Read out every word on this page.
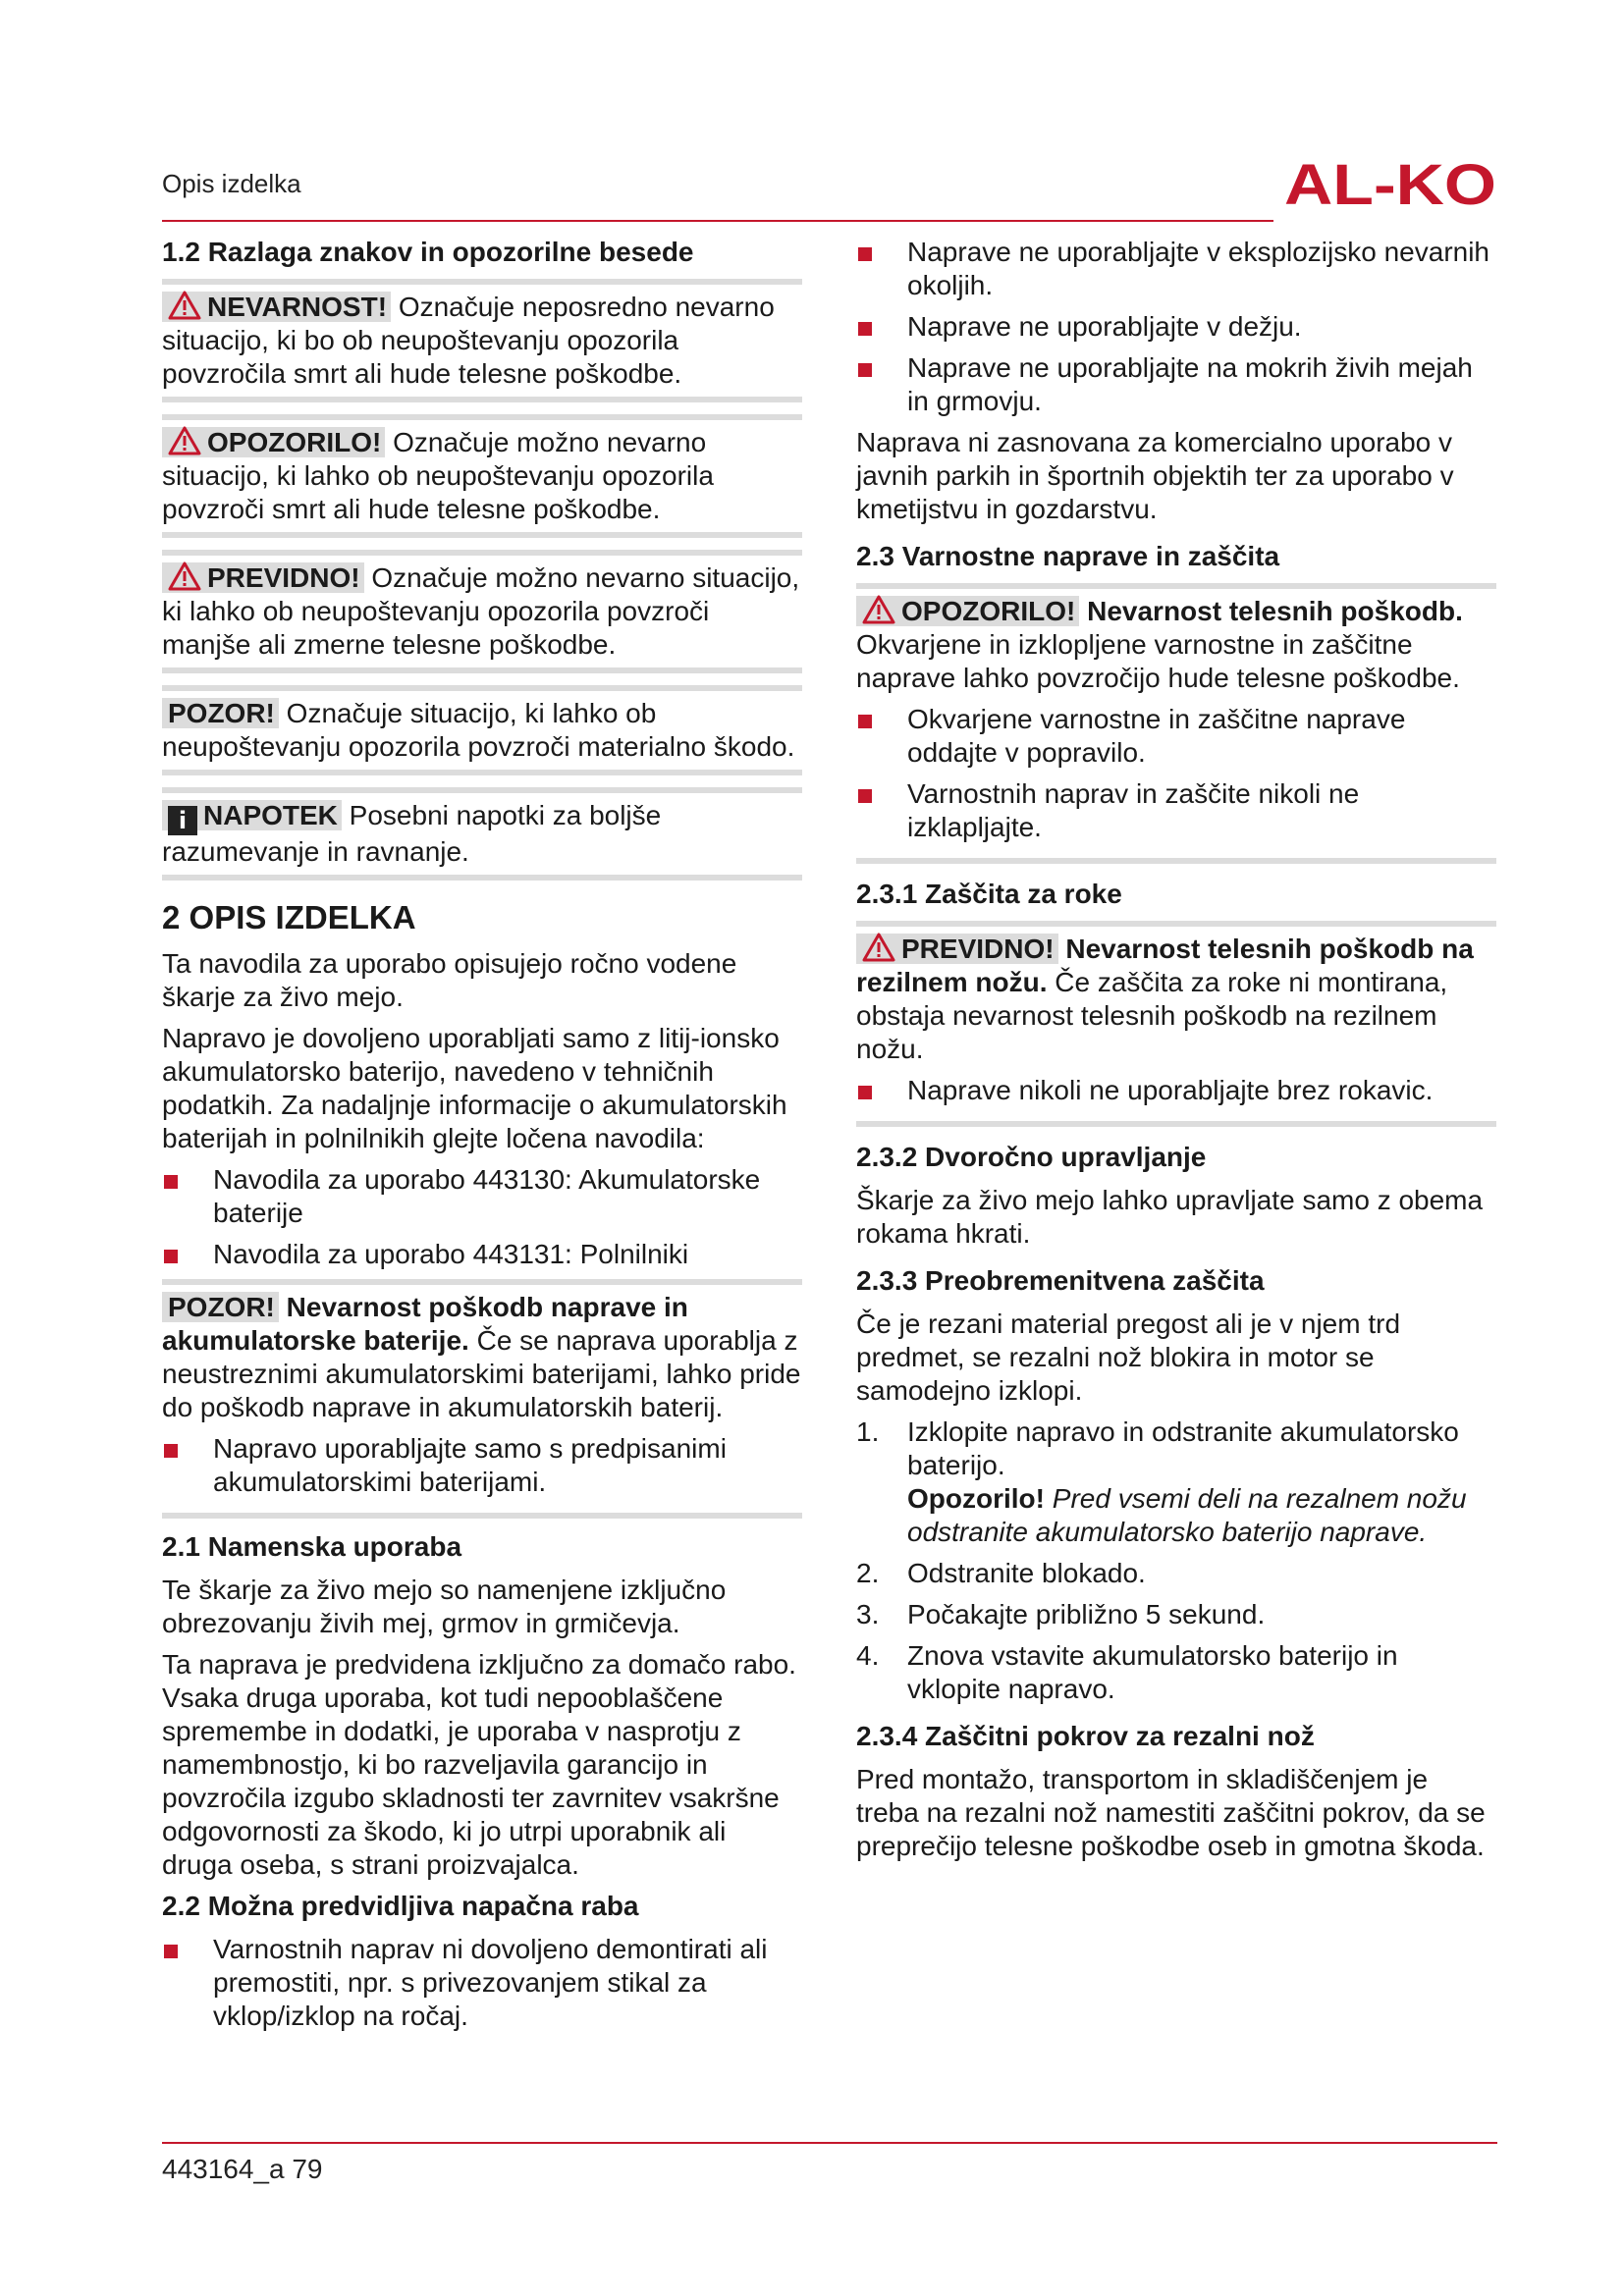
Opis izdelka	AL-KO
1.2 Razlaga znakov in opozorilne besede
NEVARNOST! Označuje neposredno nevarno situacijo, ki bo ob neupoštevanju opozorila povzročila smrt ali hude telesne poškodbe.
OPOZORILO! Označuje možno nevarno situacijo, ki lahko ob neupoštevanju opozorila povzroči smrt ali hude telesne poškodbe.
PREVIDNO! Označuje možno nevarno situacijo, ki lahko ob neupoštevanju opozorila povzroči manjše ali zmerne telesne poškodbe.
POZOR! Označuje situacijo, ki lahko ob neupoštevanju opozorila povzroči materialno škodo.
i NAPOTEK Posebni napotki za boljše razumevanje in ravnanje.
2 OPIS IZDELKA

Ta navodila za uporabo opisujejo ročno vodene škarje za živo mejo.

Napravo je dovoljeno uporabljati samo z litij-ionsko akumulatorsko baterijo, navedeno v tehničnih podatkih. Za nadaljnje informacije o akumulatorskih baterijah in polnilnikih glejte ločena navodila:

Navodila za uporabo 443130: Akumulatorske baterije
Navodila za uporabo 443131: Polnilniki
POZOR! Nevarnost poškodb naprave in akumulatorske baterije. Če se naprava uporablja z neustreznimi akumulatorskimi baterijami, lahko pride do poškodb naprave in akumulatorskih baterij.
Napravo uporabljajte samo s predpisanimi akumulatorskimi baterijami.
2.1 Namenska uporaba

Te škarje za živo mejo so namenjene izključno obrezovanju živih mej, grmov in grmičevja.

Ta naprava je predvidena izključno za domačo rabo. Vsaka druga uporaba, kot tudi nepooblaščene spremembe in dodatki, je uporaba v nasprotju z namembnostjo, ki bo razveljavila garancijo in povzročila izgubo skladnosti ter zavrnitev vsakršne odgovornosti za škodo, ki jo utrpi uporabnik ali druga oseba, s strani proizvajalca.

2.2 Možna predvidljiva napačna raba
Varnostnih naprav ni dovoljeno demontirati ali premostiti, npr. s privezovanjem stikal za vklop/izklop na ročaj.
Naprave ne uporabljajte v eksplozijsko nevarnih okoljih.
Naprave ne uporabljajte v dežju.
Naprave ne uporabljajte na mokrih živih mejah in grmovju.

Naprava ni zasnovana za komercialno uporabo v javnih parkih in športnih objektih ter za uporabo v kmetijstvu in gozdarstvu.

2.3 Varnostne naprave in zaščita
OPOZORILO! Nevarnost telesnih poškodb. Okvarjene in izklopljene varnostne in zaščitne naprave lahko povzročijo hude telesne poškodbe.
Okvarjene varnostne in zaščitne naprave oddajte v popravilo.
Varnostnih naprav in zaščite nikoli ne izklapljajte.
2.3.1 Zaščita za roke
PREVIDNO! Nevarnost telesnih poškodb na rezilnem nožu. Če zaščita za roke ni montirana, obstaja nevarnost telesnih poškodb na rezilnem nožu.
Naprave nikoli ne uporabljajte brez rokavic.
2.3.2 Dvoročno upravljanje

Škarje za živo mejo lahko upravljate samo z obema rokama hkrati.

2.3.3 Preobremenitvena zaščita

Če je rezani material pregost ali je v njem trd predmet, se rezalni nož blokira in motor se samodejno izklopi.

1. Izklopite napravo in odstranite akumulatorsko baterijo.
Opozorilo! Pred vsemi deli na rezalnem nožu odstranite akumulatorsko baterijo naprave.
2. Odstranite blokado.
3. Počakajte približno 5 sekund.
4. Znova vstavite akumulatorsko baterijo in vklopite napravo.
2.3.4 Zaščitni pokrov za rezalni nož

Pred montažo, transportom in skladiščenjem je treba na rezalni nož namestiti zaščitni pokrov, da se preprečijo telesne poškodbe oseb in gmotna škoda.

443164_a 79
